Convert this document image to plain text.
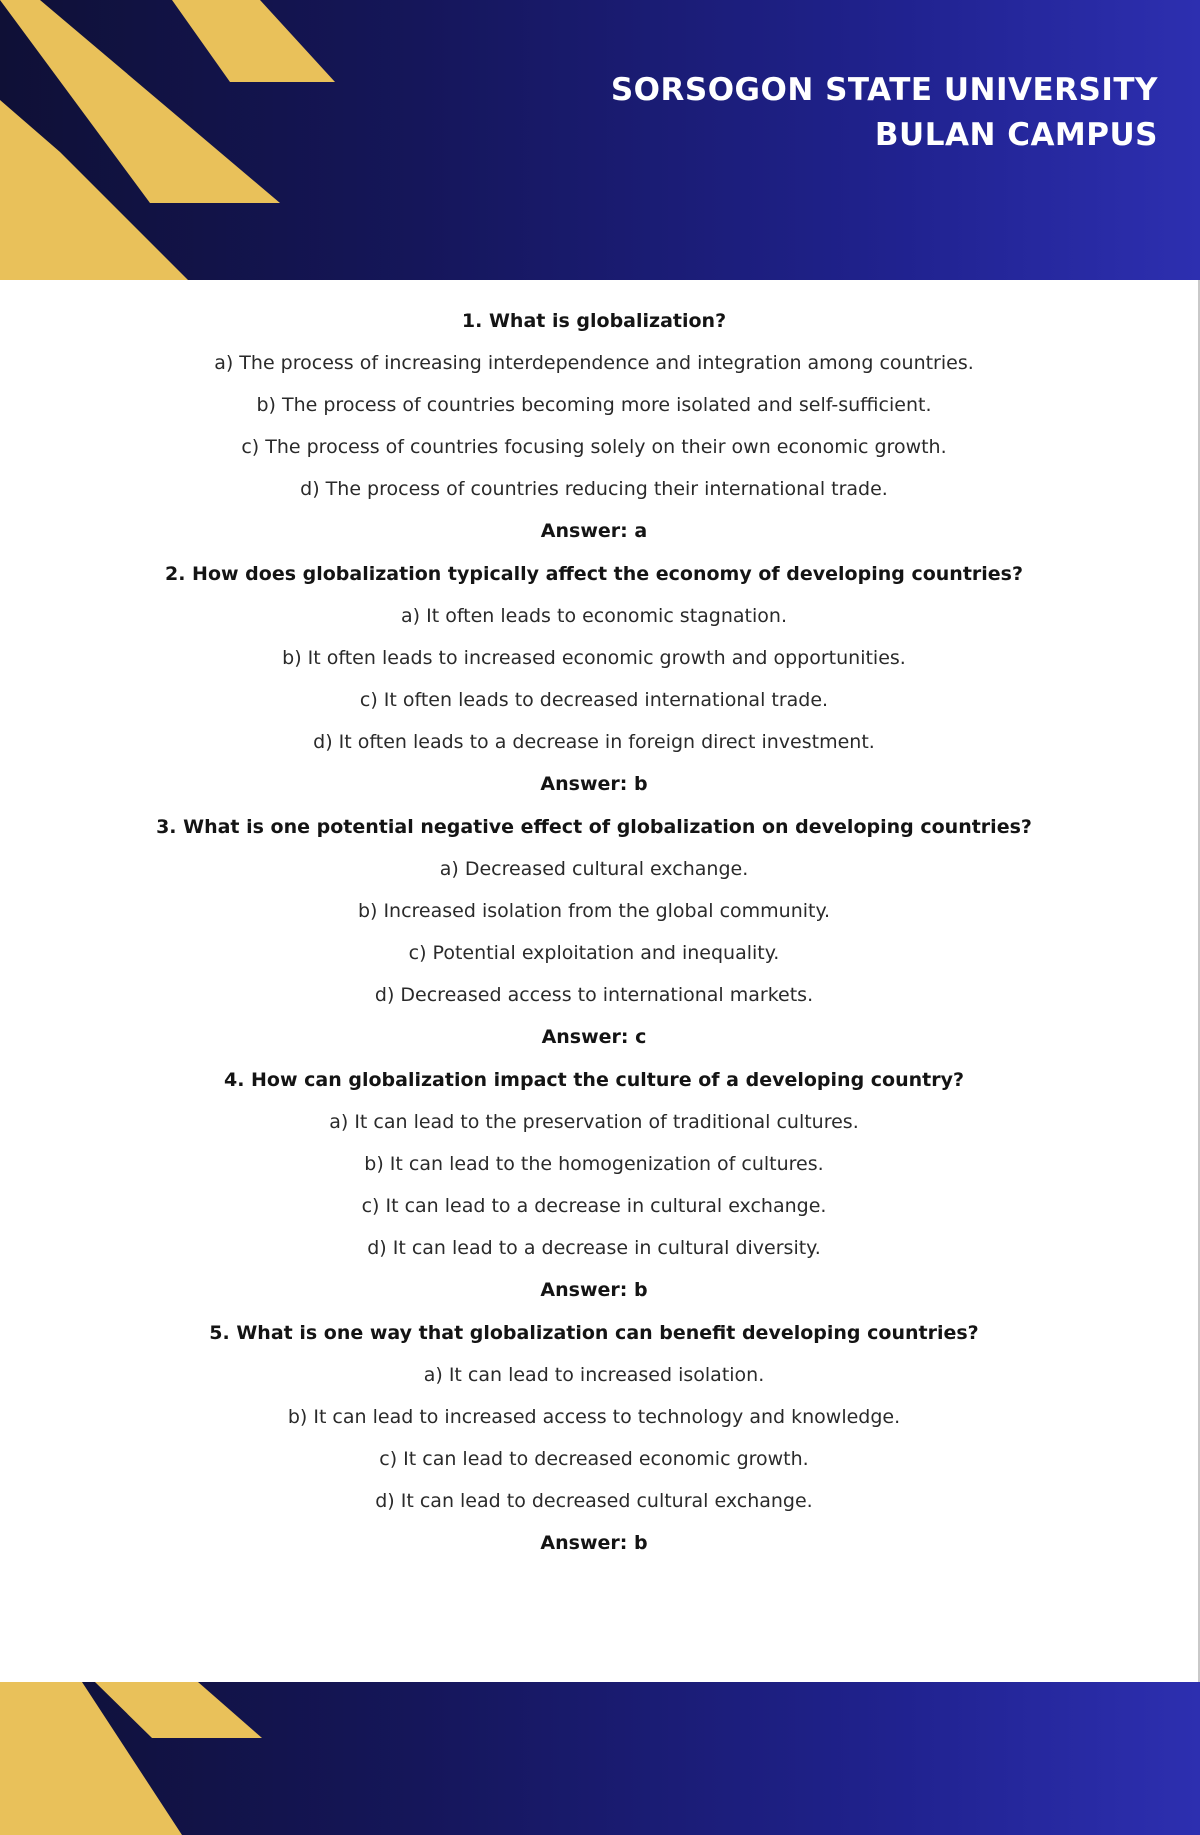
SORSOGON STATE UNIVERSITY
BULAN CAMPUS
1. What is globalization?
a) The process of increasing interdependence and integration among countries.
b) The process of countries becoming more isolated and self-sufficient.
c) The process of countries focusing solely on their own economic growth.
d) The process of countries reducing their international trade.
Answer: a
2. How does globalization typically affect the economy of developing countries?
a) It often leads to economic stagnation.
b) It often leads to increased economic growth and opportunities.
c) It often leads to decreased international trade.
d) It often leads to a decrease in foreign direct investment.
Answer: b
3. What is one potential negative effect of globalization on developing countries?
a) Decreased cultural exchange.
b) Increased isolation from the global community.
c) Potential exploitation and inequality.
d) Decreased access to international markets.
Answer: c
4. How can globalization impact the culture of a developing country?
a) It can lead to the preservation of traditional cultures.
b) It can lead to the homogenization of cultures.
c) It can lead to a decrease in cultural exchange.
d) It can lead to a decrease in cultural diversity.
Answer: b
5. What is one way that globalization can benefit developing countries?
a) It can lead to increased isolation.
b) It can lead to increased access to technology and knowledge.
c) It can lead to decreased economic growth.
d) It can lead to decreased cultural exchange.
Answer: b
